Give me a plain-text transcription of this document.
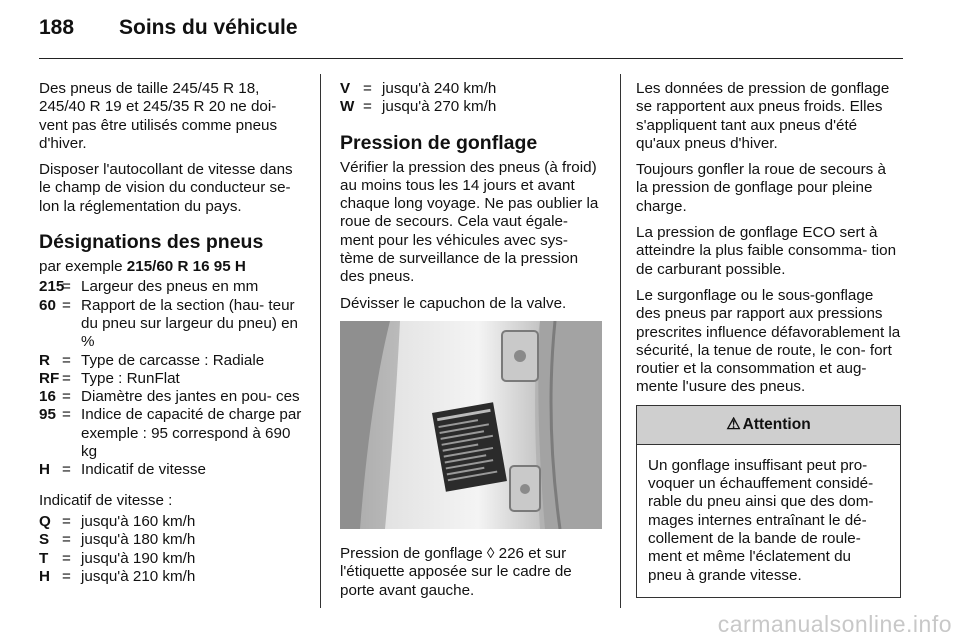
188 Soins du véhicule

Des pneus de taille 245/45 R 18, 245/40 R 19 et 245/35 R 20 ne doi- vent pas être utilisés comme pneus d'hiver.

Disposer l'autocollant de vitesse dans le champ de vision du conducteur se- lon la réglementation du pays.

Désignations des pneus
par exemple 215/60 R 16 95 H
215
= Largeur des pneus en mm
60 = Rapport de la section (hau- teur du pneu sur largeur du pneu) en %
R = Type de carcasse : Radiale
RF = Type : RunFlat
16 = Diamètre des jantes en pou- ces
95 = Indice de capacité de charge par exemple : 95 correspond à 690 kg
H = Indicatif de vitesse

Indicatif de vitesse :

Q = jusqu'à 160 km/h
S = jusqu'à 180 km/h
T = jusqu'à 190 km/h
H = jusqu'à 210 km/h
V = jusqu'à 240 km/h
W = jusqu'à 270 km/h
Pression de gonflage

Vérifier la pression des pneus (à froid) au moins tous les 14 jours et avant chaque long voyage. Ne pas oublier la roue de secours. Cela vaut égale- ment pour les véhicules avec sys- tème de surveillance de la pression des pneus.

Dévisser le capuchon de la valve.

Pression de gonflage ◊ 226 et sur l'étiquette apposée sur le cadre de porte avant gauche.

Les données de pression de gonflage se rapportent aux pneus froids. Elles s'appliquent tant aux pneus d'été qu'aux pneus d'hiver.

Toujours gonfler la roue de secours à la pression de gonflage pour pleine charge.

La pression de gonflage ECO sert à atteindre la plus faible consomma- tion de carburant possible.

Le surgonflage ou le sous-gonflage des pneus par rapport aux pressions prescrites influence défavorablement la sécurité, la tenue de route, le con- fort routier et la consommation et aug- mente l'usure des pneus.

⚠ Attention
Un gonflage insuffisant peut pro- voquer un échauffement considé- rable du pneu ainsi que des dom- mages internes entraînant le dé- collement de la bande de roule- ment et même l'éclatement du pneu à grande vitesse.
carmanualsonline.info
